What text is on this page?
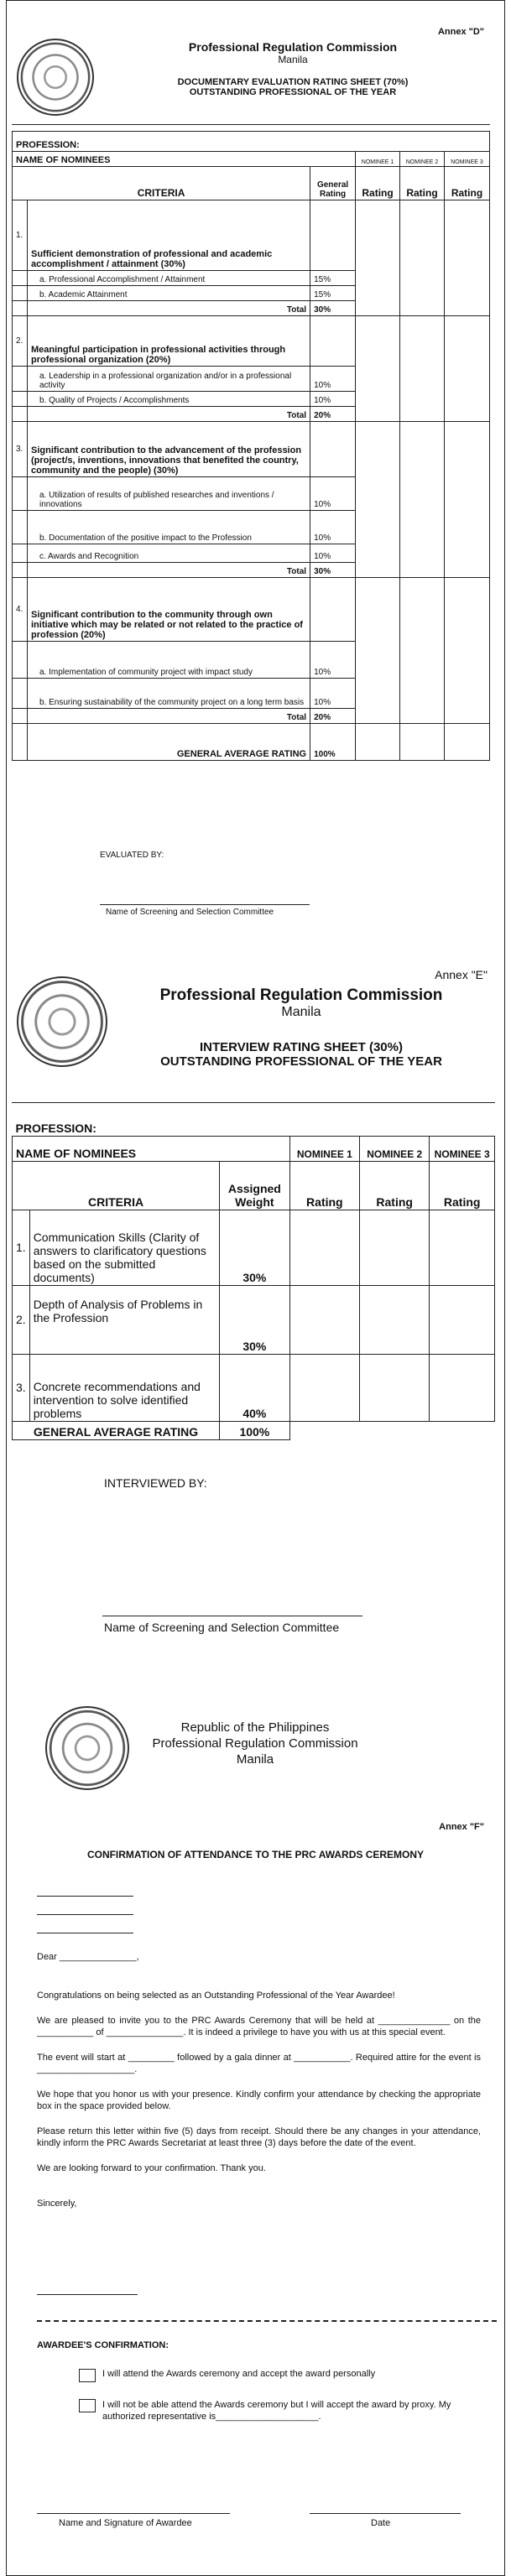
Annex "D"
Professional Regulation Commission
Manila
DOCUMENTARY EVALUATION RATING SHEET (70%)
OUTSTANDING PROFESSIONAL OF THE YEAR
PROFESSION:					
NAME OF NOMINEES			NOMINEE 1	NOMINEE 2	NOMINEE 3
CRITERIA		General Rating	Rating	Rating	Rating
1.	Sufficient demonstration of professional and academic accomplishment / attainment (30%)				
	a. Professional Accomplishment / Attainment	15%			
	b. Academic Attainment	15%			
	Total	30%			
2.	Meaningful participation in professional activities through professional organization (20%)				
	a. Leadership in a professional organization and/or in a professional activity	10%			
	b. Quality of Projects / Accomplishments	10%			
	Total	20%			
3.	Significant contribution to the advancement of the profession (project/s, inventions, innovations that benefited the country, community and the people) (30%)				
	a. Utilization of results of published researches and inventions / innovations	10%			
	b. Documentation of the positive impact to the Profession	10%			
	c. Awards and Recognition	10%			
	Total	30%			
4.	Significant contribution to the community through own initiative which may be related or not related to the practice of profession (20%)				
	a. Implementation of community project with impact study	10%			
	b. Ensuring sustainability of the community project on a long term basis	10%			
	Total	20%			
	GENERAL AVERAGE RATING	100%			
EVALUATED BY:
Name of Screening and Selection Committee
Annex "E"
Professional Regulation Commission
Manila
INTERVIEW RATING SHEET (30%)
OUTSTANDING PROFESSIONAL OF THE YEAR
PROFESSION:					
NAME OF NOMINEES			NOMINEE 1	NOMINEE 2	NOMINEE 3
CRITERIA		Assigned Weight	Rating	Rating	Rating
1.	Communication Skills (Clarity of answers to clarificatory questions based on the submitted documents)	30%			
2.	Depth of Analysis of Problems in the Profession	30%			
3.	Concrete recommendations and intervention to solve identified problems	40%			
GENERAL AVERAGE RATING		100%			
INTERVIEWED BY:
Name of Screening and Selection Committee
Republic of the Philippines
Professional Regulation Commission
Manila
Annex "F"
CONFIRMATION OF ATTENDANCE TO THE PRC AWARDS CEREMONY

Dear _______________,

Congratulations on being selected as an Outstanding Professional of the Year Awardee!

We are pleased to invite you to the PRC Awards Ceremony that will be held at ______________ on the ___________ of _______________. It is indeed a privilege to have you with us at this special event.

The event will start at _________ followed by a gala dinner at ___________. Required attire for the event is ___________________.

We hope that you honor us with your presence. Kindly confirm your attendance by checking the appropriate box in the space provided below.

Please return this letter within five (5) days from receipt. Should there be any changes in your attendance, kindly inform the PRC Awards Secretariat at least three (3) days before the date of the event.

We are looking forward to your confirmation. Thank you.

Sincerely,

AWARDEE'S CONFIRMATION:
I will attend the Awards ceremony and accept the award personally
I will not be able attend the Awards ceremony but I will accept the award by proxy. My authorized representative is____________________.
Name and Signature of Awardee	Date
